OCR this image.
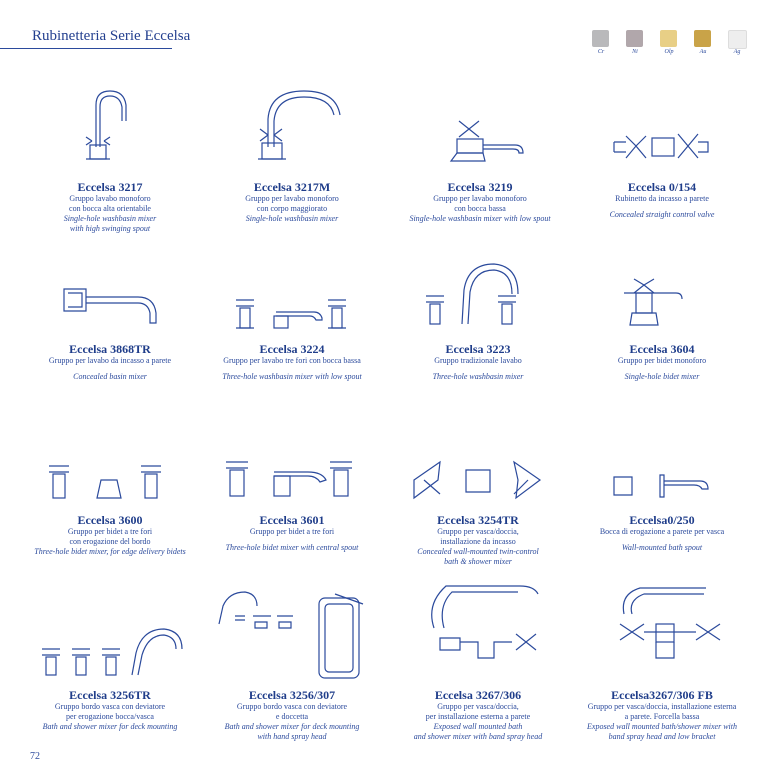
Rubinetteria Serie Eccelsa
Cr	Ni	Olp	Au	Ag
Eccelsa 3217
Gruppo lavabo monoforo
con bocca alta orientabile
Single-hole washbasin mixer
with high swinging spout
Eccelsa 3217M
Gruppo per lavabo monoforo
con corpo maggiorato
Single-hole washbasin mixer
Eccelsa 3219
Gruppo per lavabo monoforo
con bocca bassa
Single-hole washbasin mixer with low spout
Eccelsa 0/154
Rubinetto da incasso a parete
Concealed straight control valve
Eccelsa 3868TR
Gruppo per lavabo da incasso a parete
Concealed basin mixer
Eccelsa 3224
Gruppo per lavabo tre fori con bocca bassa
Three-hole washbasin mixer with low spout
Eccelsa 3223
Gruppo tradizionale lavabo
Three-hole washbasin mixer
Eccelsa 3604
Gruppo per bidet monoforo
Single-hole bidet mixer
Eccelsa 3600
Gruppo per bidet a tre fori
con erogazione del bordo
Three-hole bidet mixer, for edge delivery bidets
Eccelsa 3601
Gruppo per bidet a tre fori
Three-hole bidet mixer with central spout
Eccelsa 3254TR
Gruppo per vasca/doccia,
installazione da incasso
Concealed wall-mounted twin-control
bath & shower mixer
Eccelsa0/250
Bocca di erogazione a parete per vasca
Wall-mounted bath spout
Eccelsa 3256TR
Gruppo bordo vasca con deviatore
per erogazione bocca/vasca
Bath and shower mixer for deck mounting
Eccelsa 3256/307
Gruppo bordo vasca con deviatore
e doccetta
Bath and shower mixer for deck mounting
with hand spray head
Eccelsa 3267/306
Gruppo per vasca/doccia,
per installazione esterna a parete
Exposed wall mounted bath
and shower mixer with band spray head
Eccelsa3267/306 FB
Gruppo per vasca/doccia, installazione esterna
a parete. Forcella bassa
Exposed wall mounted bath/shower mixer with
band spray head and low bracket
72
